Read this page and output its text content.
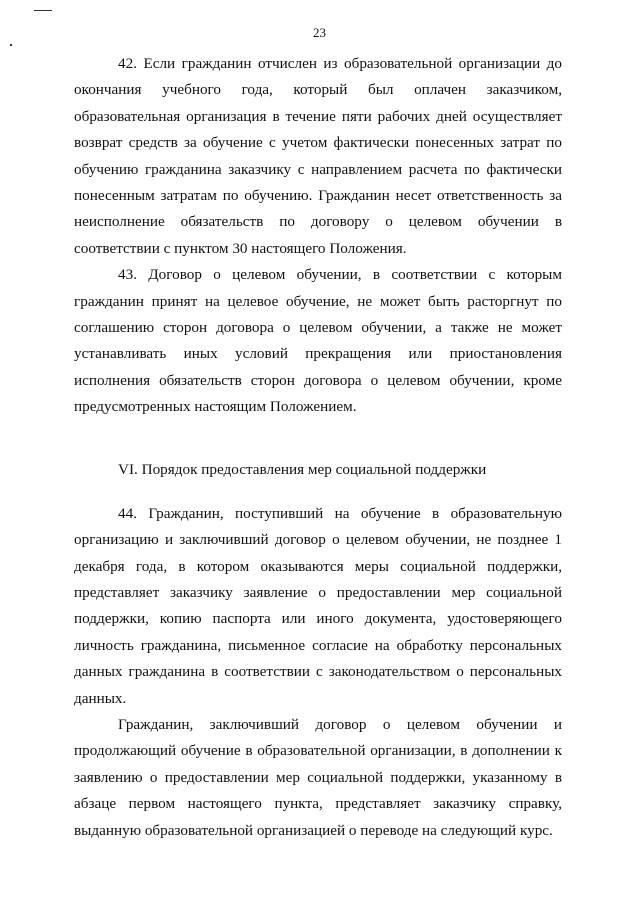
23

42. Если гражданин отчислен из образовательной организации до окончания учебного года, который был оплачен заказчиком, образовательная организация в течение пяти рабочих дней осуществляет возврат средств за обучение с учетом фактически понесенных затрат по обучению гражданина заказчику с направлением расчета по фактически понесенным затратам по обучению. Гражданин несет ответственность за неисполнение обязательств по договору о целевом обучении в соответствии с пунктом 30 настоящего Положения.

43. Договор о целевом обучении, в соответствии с которым гражданин принят на целевое обучение, не может быть расторгнут по соглашению сторон договора о целевом обучении, а также не может устанавливать иных условий прекращения или приостановления исполнения обязательств сторон договора о целевом обучении, кроме предусмотренных настоящим Положением.

VI. Порядок предоставления мер социальной поддержки

44. Гражданин, поступивший на обучение в образовательную организацию и заключивший договор о целевом обучении, не позднее 1 декабря года, в котором оказываются меры социальной поддержки, представляет заказчику заявление о предоставлении мер социальной поддержки, копию паспорта или иного документа, удостоверяющего личность гражданина, письменное согласие на обработку персональных данных гражданина в соответствии с законодательством о персональных данных.

Гражданин, заключивший договор о целевом обучении и продолжающий обучение в образовательной организации, в дополнении к заявлению о предоставлении мер социальной поддержки, указанному в абзаце первом настоящего пункта, представляет заказчику справку, выданную образовательной организацией о переводе на следующий курс.
